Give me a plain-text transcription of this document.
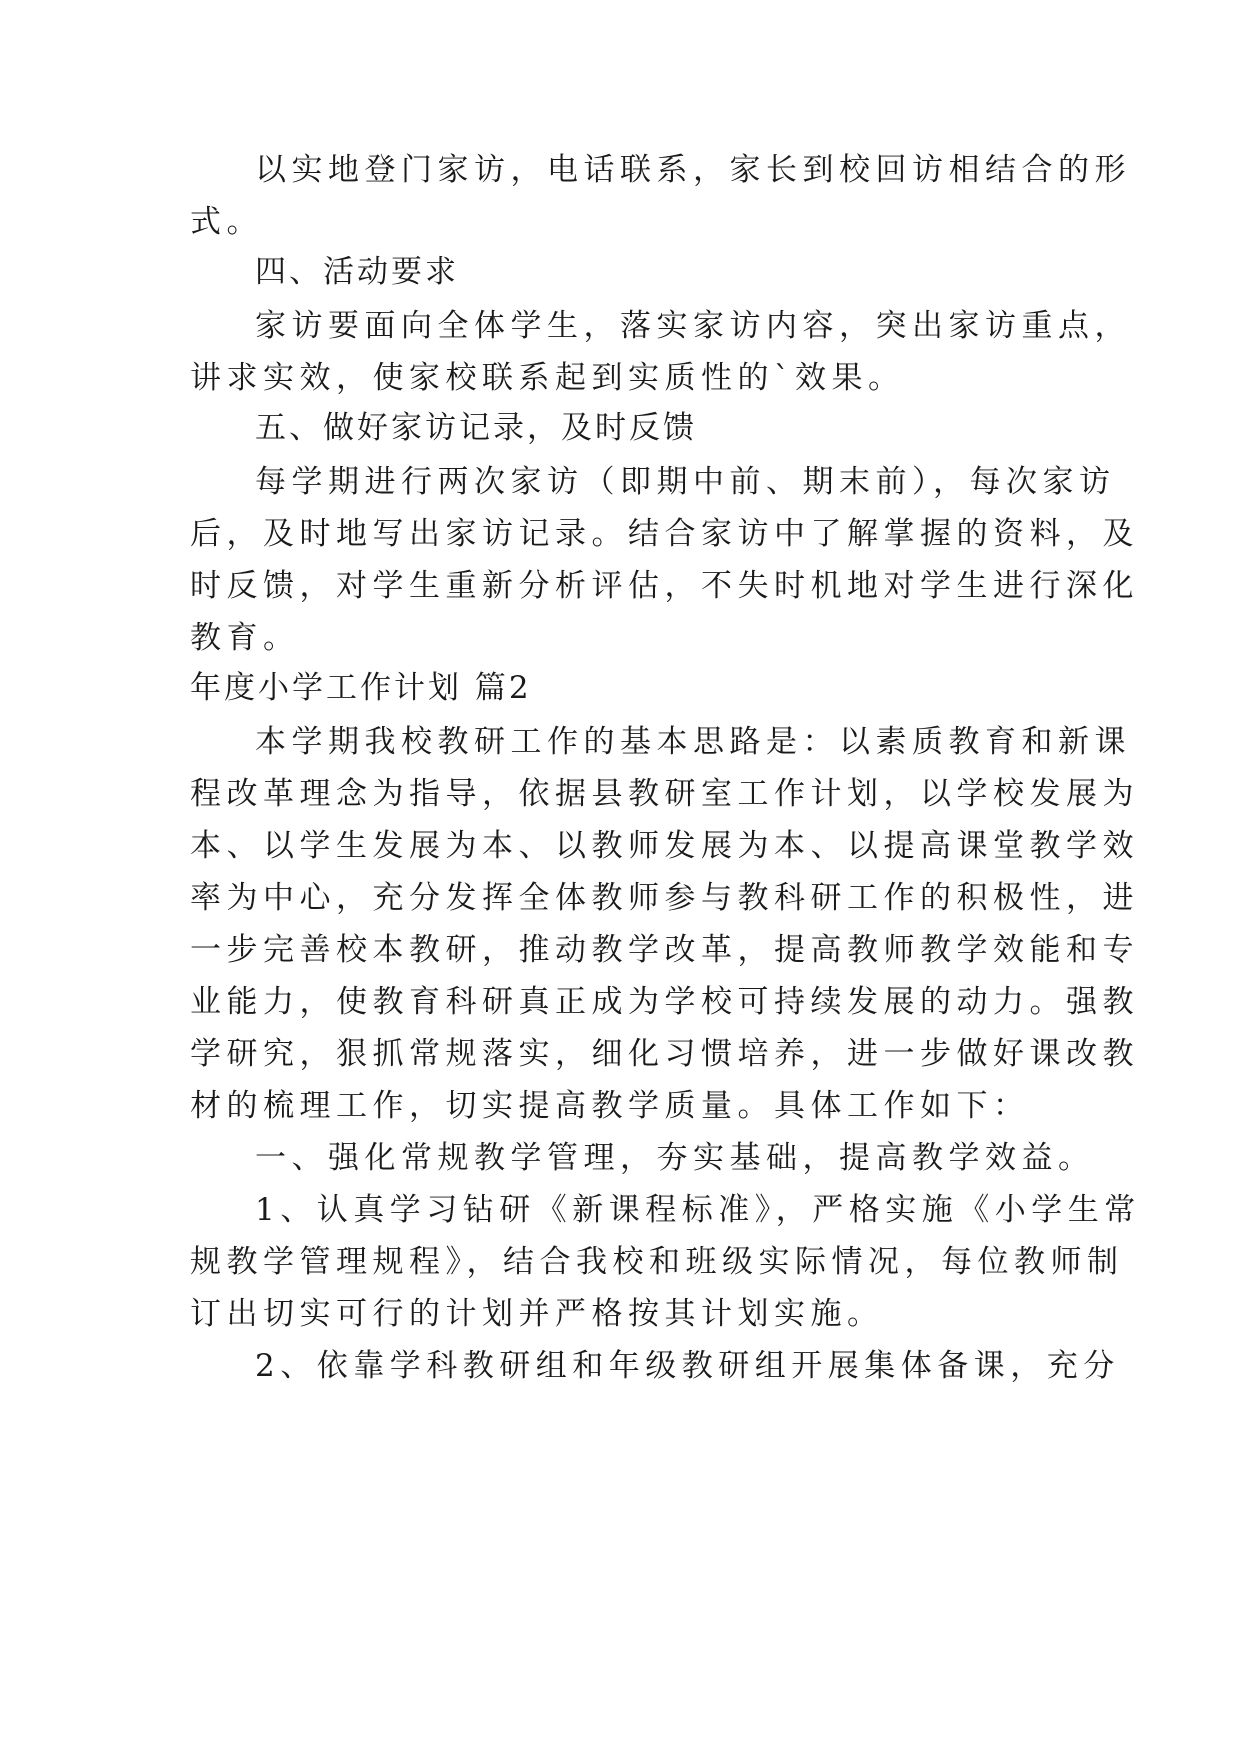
以实地登门家访，电话联系，家长到校回访相结合的形
式。
四、活动要求
家访要面向全体学生，落实家访内容，突出家访重点，
讲求实效，使家校联系起到实质性的`效果。
五、做好家访记录，及时反馈
每学期进行两次家访（即期中前、期末前），每次家访
后，及时地写出家访记录。结合家访中了解掌握的资料，及
时反馈，对学生重新分析评估，不失时机地对学生进行深化
教育。
年度小学工作计划 篇2
本学期我校教研工作的基本思路是：以素质教育和新课
程改革理念为指导，依据县教研室工作计划，以学校发展为
本、以学生发展为本、以教师发展为本、以提高课堂教学效
率为中心，充分发挥全体教师参与教科研工作的积极性，进
一步完善校本教研，推动教学改革，提高教师教学效能和专
业能力，使教育科研真正成为学校可持续发展的动力。强教
学研究，狠抓常规落实，细化习惯培养，进一步做好课改教
材的梳理工作，切实提高教学质量。具体工作如下：
一、强化常规教学管理，夯实基础，提高教学效益。
1、认真学习钻研《新课程标准》，严格实施《小学生常
规教学管理规程》，结合我校和班级实际情况，每位教师制
订出切实可行的计划并严格按其计划实施。
2、依靠学科教研组和年级教研组开展集体备课，充分
